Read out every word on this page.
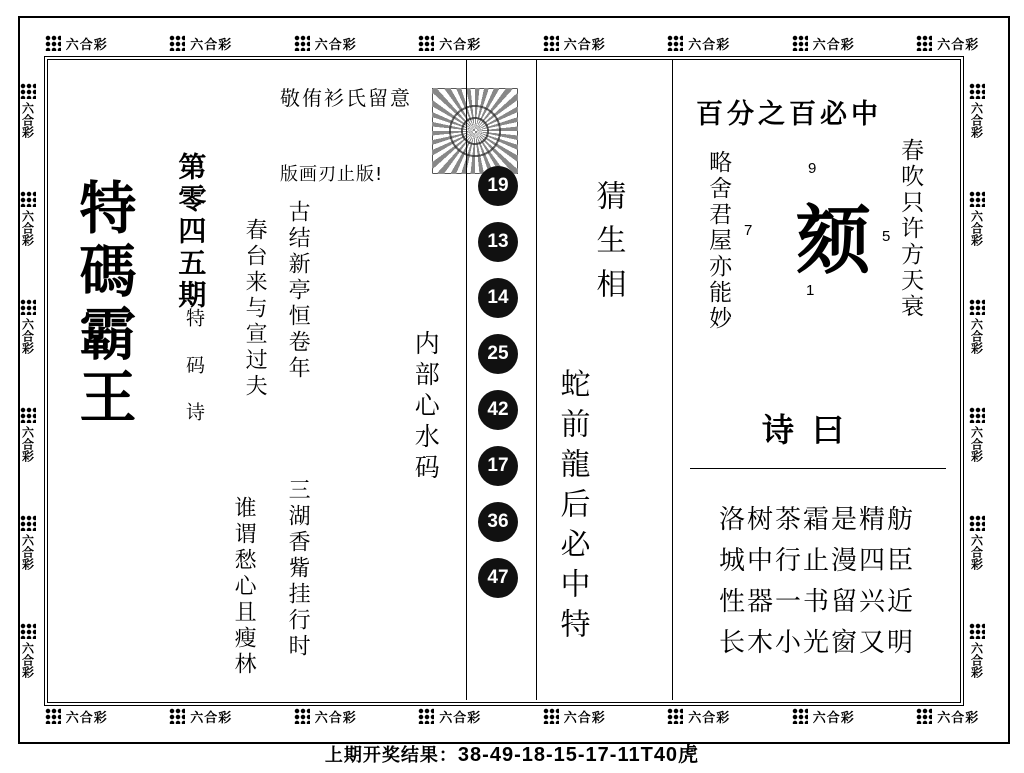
六合彩	六合彩	六合彩	六合彩	六合彩	六合彩	六合彩	六合彩
六合彩	六合彩	六合彩	六合彩	六合彩	六合彩	六合彩	六合彩
六合彩
六合彩
六合彩
六合彩
六合彩
六合彩
六合彩
六合彩
六合彩
六合彩
六合彩
六合彩
特碼霸王 第零四五期
特 码 诗
敬侑衫氏留意
版画刃止版!
古结新亭恒卷年
春台来与宣过夫
三湖香觜挂行时
谁谓愁心且瘦林
19
13
14
25
42
17
36
47
内部心水码
猜生相
蛇前龍后必中特
百分之百必中
颏
略舍君屋亦能妙	春吹只许方天衰
9
7	5
1
诗曰
洛树茶霜是精舫
城中行止漫四臣
性器一书留兴近
长木小光窗又明
上期开奖结果：38-49-18-15-17-11T40虎
